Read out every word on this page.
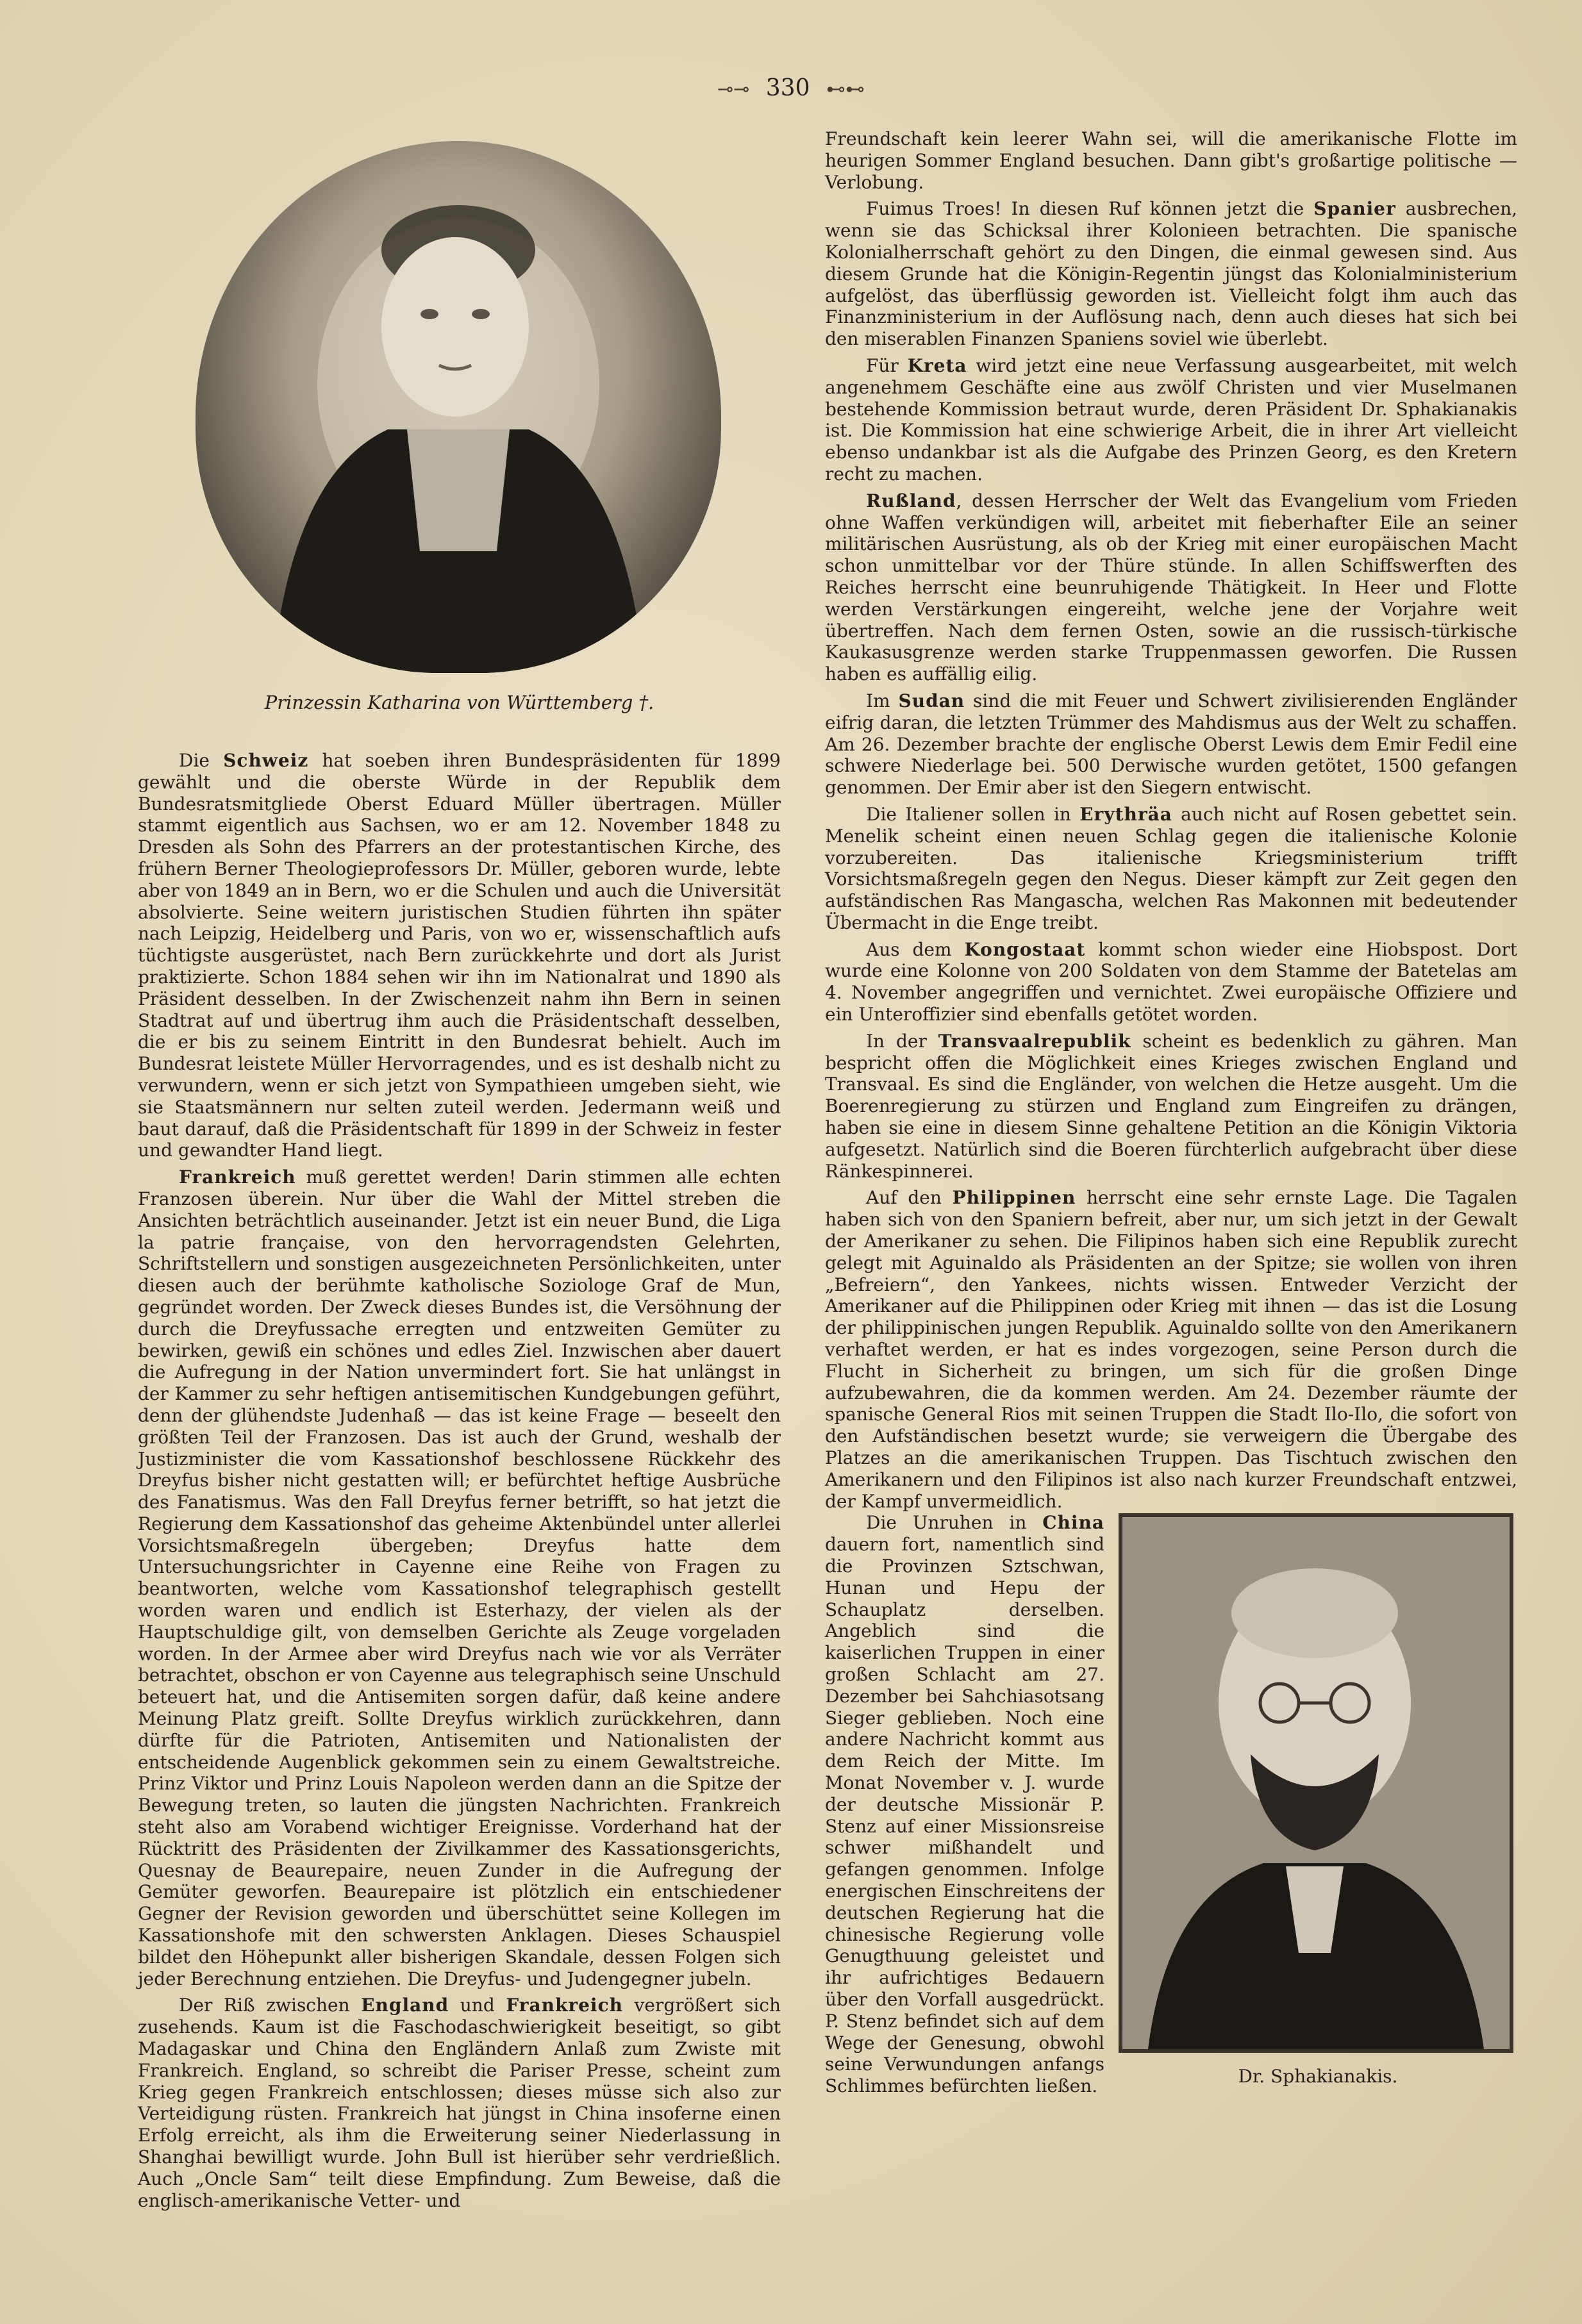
⊸⊸ 330 ⊷⊷
Prinzessin Katharina von Württemberg †.

Die Schweiz hat soeben ihren Bundespräsidenten für 1899 gewählt und die oberste Würde in der Republik dem Bundesratsmitgliede Oberst Eduard Müller übertragen. Müller stammt eigentlich aus Sachsen, wo er am 12. November 1848 zu Dresden als Sohn des Pfarrers an der protestantischen Kirche, des frühern Berner Theologieprofessors Dr. Müller, geboren wurde, lebte aber von 1849 an in Bern, wo er die Schulen und auch die Universität absolvierte. Seine weitern juristischen Studien führten ihn später nach Leipzig, Heidelberg und Paris, von wo er, wissenschaftlich aufs tüchtigste ausgerüstet, nach Bern zurückkehrte und dort als Jurist praktizierte. Schon 1884 sehen wir ihn im Nationalrat und 1890 als Präsident desselben. In der Zwischenzeit nahm ihn Bern in seinen Stadtrat auf und übertrug ihm auch die Präsidentschaft desselben, die er bis zu seinem Eintritt in den Bundesrat behielt. Auch im Bundesrat leistete Müller Hervorragendes, und es ist deshalb nicht zu verwundern, wenn er sich jetzt von Sympathieen umgeben sieht, wie sie Staatsmännern nur selten zuteil werden. Jedermann weiß und baut darauf, daß die Präsidentschaft für 1899 in der Schweiz in fester und gewandter Hand liegt.

Frankreich muß gerettet werden! Darin stimmen alle echten Franzosen überein. Nur über die Wahl der Mittel streben die Ansichten beträchtlich auseinander. Jetzt ist ein neuer Bund, die Liga la patrie française, von den hervorragendsten Gelehrten, Schriftstellern und sonstigen ausgezeichneten Persönlichkeiten, unter diesen auch der berühmte katholische Soziologe Graf de Mun, gegründet worden. Der Zweck dieses Bundes ist, die Versöhnung der durch die Dreyfussache erregten und entzweiten Gemüter zu bewirken, gewiß ein schönes und edles Ziel. Inzwischen aber dauert die Aufregung in der Nation unvermindert fort. Sie hat unlängst in der Kammer zu sehr heftigen antisemitischen Kundgebungen geführt, denn der glühendste Judenhaß — das ist keine Frage — beseelt den größten Teil der Franzosen. Das ist auch der Grund, weshalb der Justizminister die vom Kassationshof beschlossene Rückkehr des Dreyfus bisher nicht gestatten will; er befürchtet heftige Ausbrüche des Fanatismus. Was den Fall Dreyfus ferner betrifft, so hat jetzt die Regierung dem Kassationshof das geheime Aktenbündel unter allerlei Vorsichtsmaßregeln übergeben; Dreyfus hatte dem Untersuchungsrichter in Cayenne eine Reihe von Fragen zu beantworten, welche vom Kassationshof telegraphisch gestellt worden waren und endlich ist Esterhazy, der vielen als der Hauptschuldige gilt, von demselben Gerichte als Zeuge vorgeladen worden. In der Armee aber wird Dreyfus nach wie vor als Verräter betrachtet, obschon er von Cayenne aus telegraphisch seine Unschuld beteuert hat, und die Antisemiten sorgen dafür, daß keine andere Meinung Platz greift. Sollte Dreyfus wirklich zurückkehren, dann dürfte für die Patrioten, Antisemiten und Nationalisten der entscheidende Augenblick gekommen sein zu einem Gewaltstreiche. Prinz Viktor und Prinz Louis Napoleon werden dann an die Spitze der Bewegung treten, so lauten die jüngsten Nachrichten. Frankreich steht also am Vorabend wichtiger Ereignisse. Vorderhand hat der Rücktritt des Präsidenten der Zivilkammer des Kassationsgerichts, Quesnay de Beaurepaire, neuen Zunder in die Aufregung der Gemüter geworfen. Beaurepaire ist plötzlich ein entschiedener Gegner der Revision geworden und überschüttet seine Kollegen im Kassationshofe mit den schwersten Anklagen. Dieses Schauspiel bildet den Höhepunkt aller bisherigen Skandale, dessen Folgen sich jeder Berechnung entziehen. Die Dreyfus- und Judengegner jubeln.

Der Riß zwischen England und Frankreich vergrößert sich zusehends. Kaum ist die Faschodaschwierigkeit beseitigt, so gibt Madagaskar und China den Engländern Anlaß zum Zwiste mit Frankreich. England, so schreibt die Pariser Presse, scheint zum Krieg gegen Frankreich entschlossen; dieses müsse sich also zur Verteidigung rüsten. Frankreich hat jüngst in China insoferne einen Erfolg erreicht, als ihm die Erweiterung seiner Niederlassung in Shanghai bewilligt wurde. John Bull ist hierüber sehr verdrießlich. Auch „Oncle Sam“ teilt diese Empfindung. Zum Beweise, daß die englisch-amerikanische Vetter- und

Freundschaft kein leerer Wahn sei, will die amerikanische Flotte im heurigen Sommer England besuchen. Dann gibt's großartige politische — Verlobung.

Fuimus Troes! In diesen Ruf können jetzt die Spanier ausbrechen, wenn sie das Schicksal ihrer Kolonieen betrachten. Die spanische Kolonialherrschaft gehört zu den Dingen, die einmal gewesen sind. Aus diesem Grunde hat die Königin-Regentin jüngst das Kolonialministerium aufgelöst, das überflüssig geworden ist. Vielleicht folgt ihm auch das Finanzministerium in der Auflösung nach, denn auch dieses hat sich bei den miserablen Finanzen Spaniens soviel wie überlebt.

Für Kreta wird jetzt eine neue Verfassung ausgearbeitet, mit welch angenehmem Geschäfte eine aus zwölf Christen und vier Muselmanen bestehende Kommission betraut wurde, deren Präsident Dr. Sphakianakis ist. Die Kommission hat eine schwierige Arbeit, die in ihrer Art vielleicht ebenso undankbar ist als die Aufgabe des Prinzen Georg, es den Kretern recht zu machen.

Rußland, dessen Herrscher der Welt das Evangelium vom Frieden ohne Waffen verkündigen will, arbeitet mit fieberhafter Eile an seiner militärischen Ausrüstung, als ob der Krieg mit einer europäischen Macht schon unmittelbar vor der Thüre stünde. In allen Schiffswerften des Reiches herrscht eine beunruhigende Thätigkeit. In Heer und Flotte werden Verstärkungen eingereiht, welche jene der Vorjahre weit übertreffen. Nach dem fernen Osten, sowie an die russisch-türkische Kaukasusgrenze werden starke Truppenmassen geworfen. Die Russen haben es auffällig eilig.

Im Sudan sind die mit Feuer und Schwert zivilisierenden Engländer eifrig daran, die letzten Trümmer des Mahdismus aus der Welt zu schaffen. Am 26. Dezember brachte der englische Oberst Lewis dem Emir Fedil eine schwere Niederlage bei. 500 Derwische wurden getötet, 1500 gefangen genommen. Der Emir aber ist den Siegern entwischt.

Die Italiener sollen in Erythräa auch nicht auf Rosen gebettet sein. Menelik scheint einen neuen Schlag gegen die italienische Kolonie vorzubereiten. Das italienische Kriegsministerium trifft Vorsichtsmaßregeln gegen den Negus. Dieser kämpft zur Zeit gegen den aufständischen Ras Mangascha, welchen Ras Makonnen mit bedeutender Übermacht in die Enge treibt.

Aus dem Kongostaat kommt schon wieder eine Hiobspost. Dort wurde eine Kolonne von 200 Soldaten von dem Stamme der Batetelas am 4. November angegriffen und vernichtet. Zwei europäische Offiziere und ein Unteroffizier sind ebenfalls getötet worden.

In der Transvaalrepublik scheint es bedenklich zu gähren. Man bespricht offen die Möglichkeit eines Krieges zwischen England und Transvaal. Es sind die Engländer, von welchen die Hetze ausgeht. Um die Boerenregierung zu stürzen und England zum Eingreifen zu drängen, haben sie eine in diesem Sinne gehaltene Petition an die Königin Viktoria aufgesetzt. Natürlich sind die Boeren fürchterlich aufgebracht über diese Ränkespinnerei.

Auf den Philippinen herrscht eine sehr ernste Lage. Die Tagalen haben sich von den Spaniern befreit, aber nur, um sich jetzt in der Gewalt der Amerikaner zu sehen. Die Filipinos haben sich eine Republik zurecht gelegt mit Aguinaldo als Präsidenten an der Spitze; sie wollen von ihren „Befreiern“, den Yankees, nichts wissen. Entweder Verzicht der Amerikaner auf die Philippinen oder Krieg mit ihnen — das ist die Losung der philippinischen jungen Republik. Aguinaldo sollte von den Amerikanern verhaftet werden, er hat es indes vorgezogen, seine Person durch die Flucht in Sicherheit zu bringen, um sich für die großen Dinge aufzubewahren, die da kommen werden. Am 24. Dezember räumte der spanische General Rios mit seinen Truppen die Stadt Ilo-Ilo, die sofort von den Aufständischen besetzt wurde; sie verweigern die Übergabe des Platzes an die amerikanischen Truppen. Das Tischtuch zwischen den Amerikanern und den Filipinos ist also nach kurzer Freundschaft entzwei, der Kampf unvermeidlich.

Dr. Sphakianakis.

Die Unruhen in China dauern fort, namentlich sind die Provinzen Sztschwan, Hunan und Hepu der Schauplatz derselben. Angeblich sind die kaiserlichen Truppen in einer großen Schlacht am 27. Dezember bei Sahchiasotsang Sieger geblieben. Noch eine andere Nachricht kommt aus dem Reich der Mitte. Im Monat November v. J. wurde der deutsche Missionär P. Stenz auf einer Missionsreise schwer mißhandelt und gefangen genommen. Infolge energischen Einschreitens der deutschen Regierung hat die chinesische Regierung volle Genugthuung geleistet und ihr aufrichtiges Bedauern über den Vorfall ausgedrückt. P. Stenz befindet sich auf dem Wege der Genesung, obwohl seine Verwundungen anfangs Schlimmes befürchten ließen.
